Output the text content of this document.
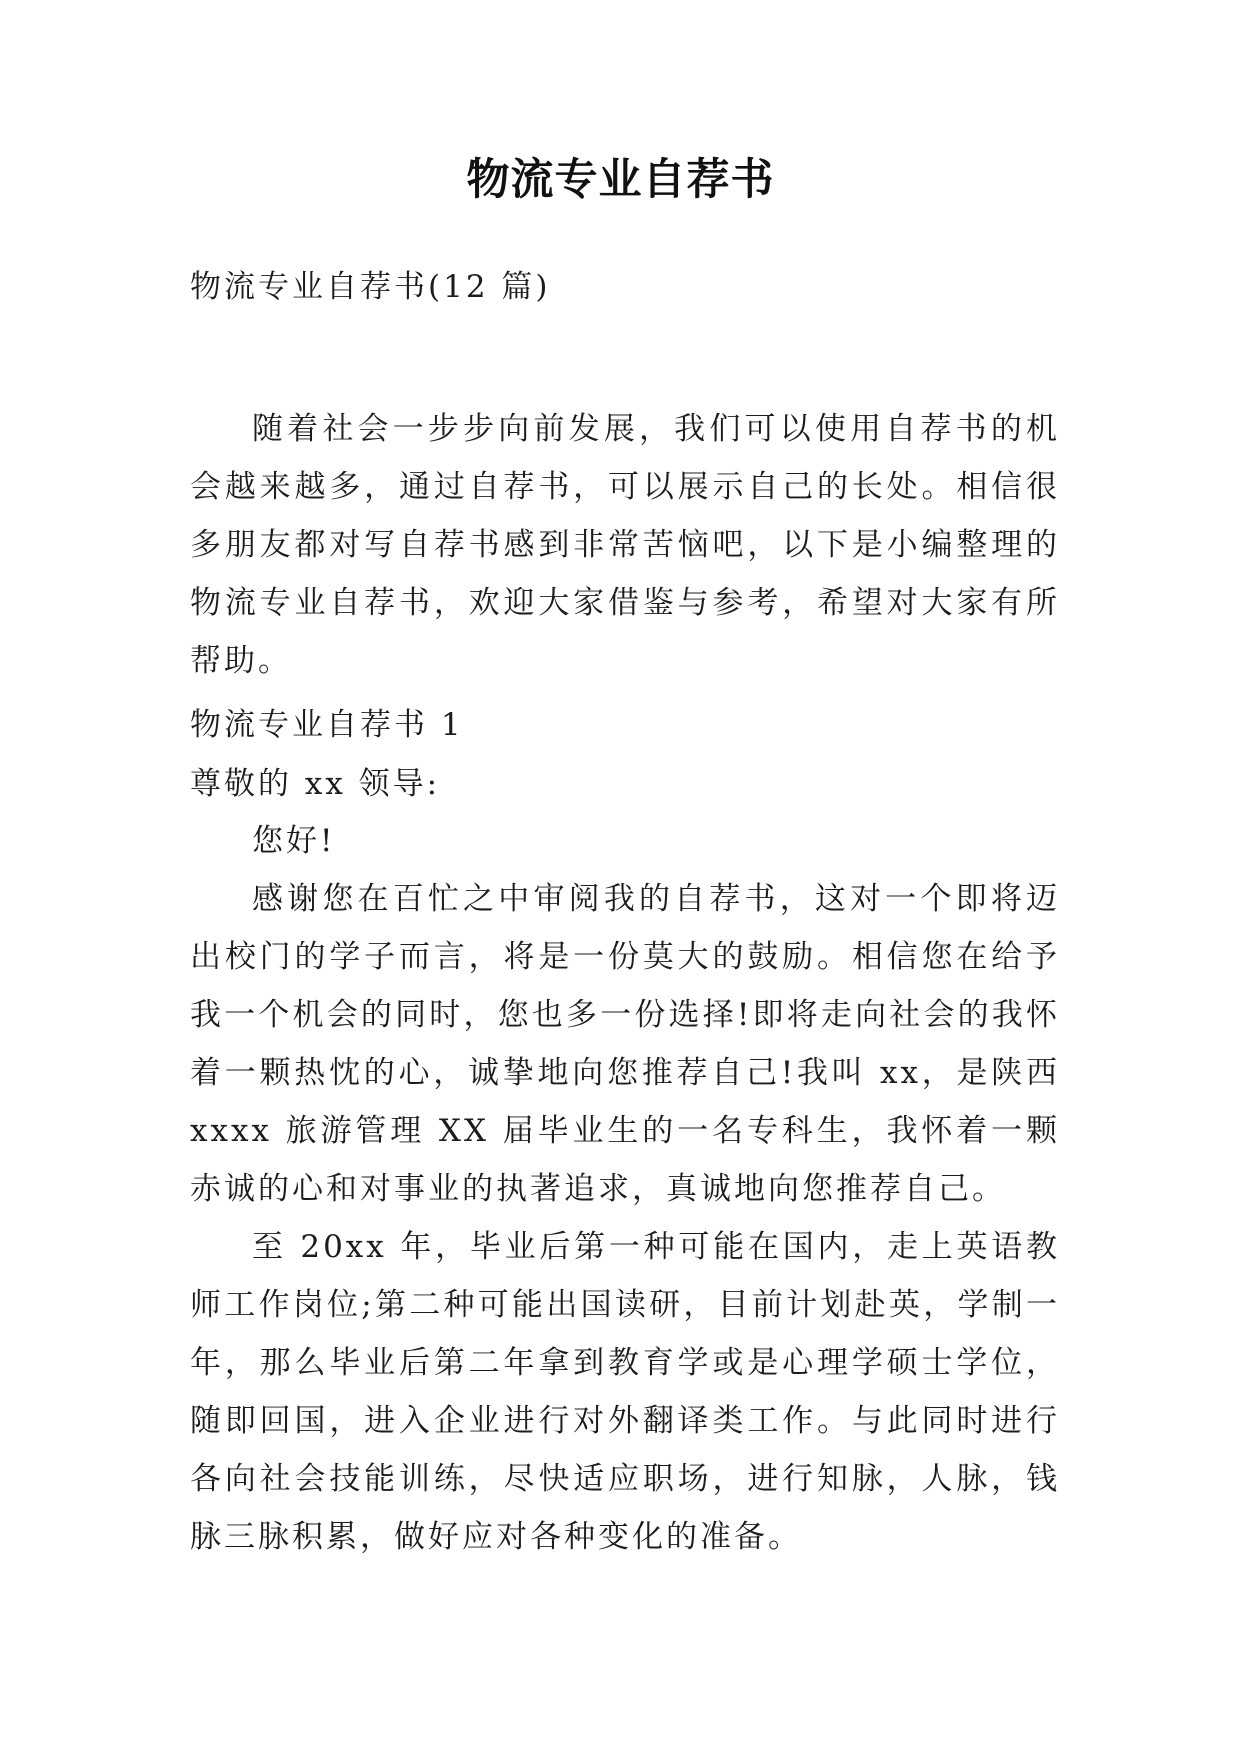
物流专业自荐书
物流专业自荐书(12 篇)

随着社会一步步向前发展，我们可以使用自荐书的机会越来越多，通过自荐书，可以展示自己的长处。相信很多朋友都对写自荐书感到非常苦恼吧，以下是小编整理的物流专业自荐书，欢迎大家借鉴与参考，希望对大家有所帮助。

物流专业自荐书 1
尊敬的 xx 领导:

您好!

感谢您在百忙之中审阅我的自荐书，这对一个即将迈出校门的学子而言，将是一份莫大的鼓励。相信您在给予我一个机会的同时，您也多一份选择!即将走向社会的我怀着一颗热忱的心，诚挚地向您推荐自己!我叫 xx，是陕西 xxxx 旅游管理 XX 届毕业生的一名专科生，我怀着一颗赤诚的心和对事业的执著追求，真诚地向您推荐自己。

至 20xx 年，毕业后第一种可能在国内，走上英语教师工作岗位;第二种可能出国读研，目前计划赴英，学制一年，那么毕业后第二年拿到教育学或是心理学硕士学位，随即回国，进入企业进行对外翻译类工作。与此同时进行各向社会技能训练，尽快适应职场，进行知脉，人脉，钱脉三脉积累，做好应对各种变化的准备。
